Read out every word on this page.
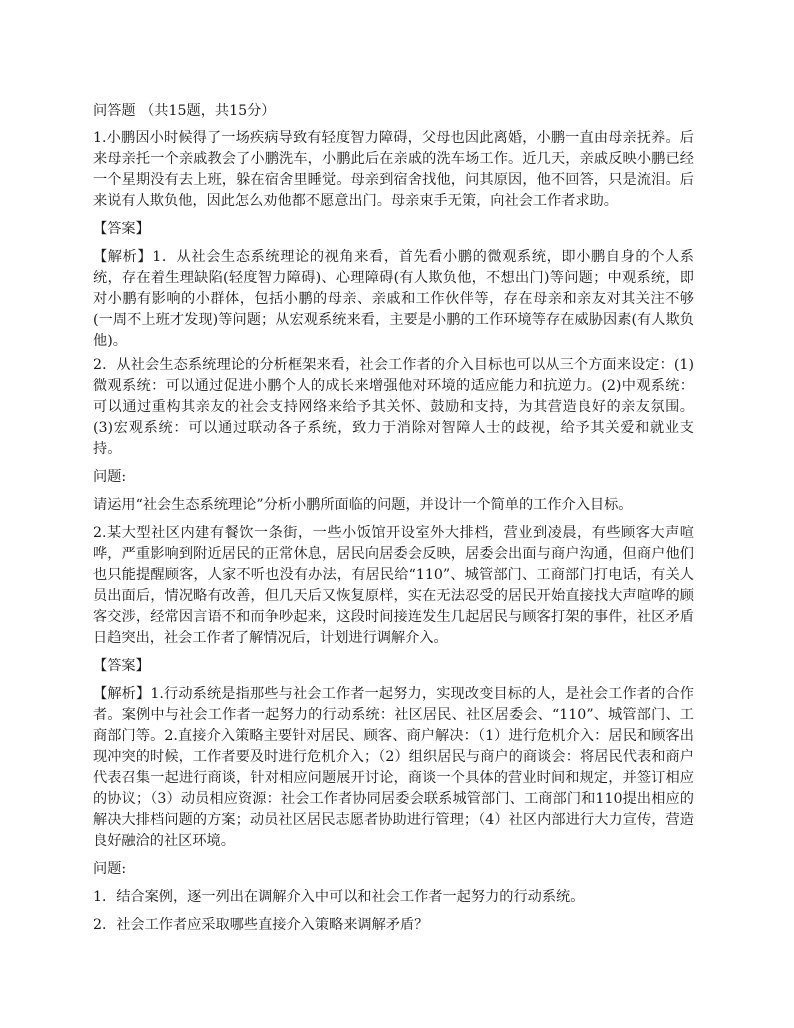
问答题 （共15题，共15分）

1.小鹏因小时候得了一场疾病导致有轻度智力障碍，父母也因此离婚，小鹏一直由母亲抚养。后来母亲托一个亲戚教会了小鹏洗车，小鹏此后在亲戚的洗车场工作。近几天，亲戚反映小鹏已经一个星期没有去上班，躲在宿舍里睡觉。母亲到宿舍找他，问其原因，他不回答，只是流泪。后来说有人欺负他，因此怎么劝他都不愿意出门。母亲束手无策，向社会工作者求助。

【答案】

【解析】1．从社会生态系统理论的视角来看，首先看小鹏的微观系统，即小鹏自身的个人系统，存在着生理缺陷(轻度智力障碍)、心理障碍(有人欺负他，不想出门)等问题；中观系统，即对小鹏有影响的小群体，包括小鹏的母亲、亲戚和工作伙伴等，存在母亲和亲友对其关注不够(一周不上班才发现)等问题；从宏观系统来看，主要是小鹏的工作环境等存在威胁因素(有人欺负他)。

2．从社会生态系统理论的分析框架来看，社会工作者的介入目标也可以从三个方面来设定：(1)微观系统：可以通过促进小鹏个人的成长来增强他对环境的适应能力和抗逆力。(2)中观系统：可以通过重构其亲友的社会支持网络来给予其关怀、鼓励和支持，为其营造良好的亲友氛围。(3)宏观系统：可以通过联动各子系统，致力于消除对智障人士的歧视，给予其关爱和就业支持。

问题:

请运用“社会生态系统理论”分析小鹏所面临的问题，并设计一个简单的工作介入目标。

2.某大型社区内建有餐饮一条街，一些小饭馆开设室外大排档，营业到凌晨，有些顾客大声喧哗，严重影响到附近居民的正常休息，居民向居委会反映，居委会出面与商户沟通，但商户他们也只能提醒顾客，人家不听也没有办法，有居民给“110”、城管部门、工商部门打电话，有关人员出面后，情况略有改善，但几天后又恢复原样，实在无法忍受的居民开始直接找大声喧哗的顾客交涉，经常因言语不和而争吵起来，这段时间接连发生几起居民与顾客打架的事件，社区矛盾日趋突出，社会工作者了解情况后，计划进行调解介入。

【答案】

【解析】1.行动系统是指那些与社会工作者一起努力，实现改变目标的人，是社会工作者的合作者。案例中与社会工作者一起努力的行动系统：社区居民、社区居委会、“110”、城管部门、工商部门等。2.直接介入策略主要针对居民、顾客、商户解决：（1）进行危机介入：居民和顾客出现冲突的时候，工作者要及时进行危机介入；（2）组织居民与商户的商谈会：将居民代表和商户代表召集一起进行商谈，针对相应问题展开讨论，商谈一个具体的营业时间和规定，并签订相应的协议；（3）动员相应资源：社会工作者协同居委会联系城管部门、工商部门和110提出相应的解决大排档问题的方案；动员社区居民志愿者协助进行管理；（4）社区内部进行大力宣传，营造良好融洽的社区环境。

问题:

1．结合案例，逐一列出在调解介入中可以和社会工作者一起努力的行动系统。

2．社会工作者应采取哪些直接介入策略来调解矛盾？
